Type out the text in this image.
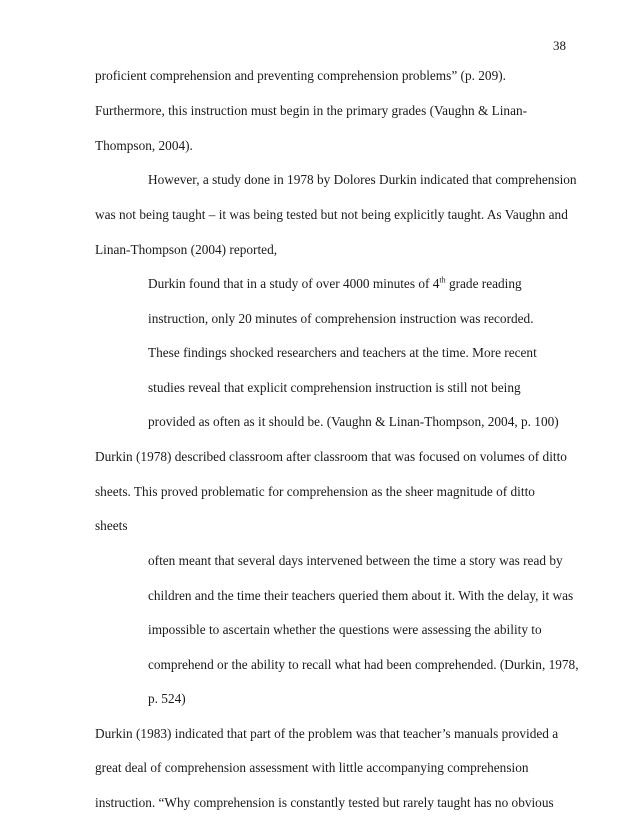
38
proficient comprehension and preventing comprehension problems” (p. 209).
Furthermore, this instruction must begin in the primary grades (Vaughn & Linan-
Thompson, 2004).
However, a study done in 1978 by Dolores Durkin indicated that comprehension
was not being taught – it was being tested but not being explicitly taught. As Vaughn and
Linan-Thompson (2004) reported,
Durkin found that in a study of over 4000 minutes of 4th grade reading
instruction, only 20 minutes of comprehension instruction was recorded.
These findings shocked researchers and teachers at the time. More recent
studies reveal that explicit comprehension instruction is still not being
provided as often as it should be. (Vaughn & Linan-Thompson, 2004, p. 100)
Durkin (1978) described classroom after classroom that was focused on volumes of ditto
sheets. This proved problematic for comprehension as the sheer magnitude of ditto
sheets
often meant that several days intervened between the time a story was read by
children and the time their teachers queried them about it. With the delay, it was
impossible to ascertain whether the questions were assessing the ability to
comprehend or the ability to recall what had been comprehended. (Durkin, 1978,
p. 524)
Durkin (1983) indicated that part of the problem was that teacher’s manuals provided a
great deal of comprehension assessment with little accompanying comprehension
instruction. “Why comprehension is constantly tested but rarely taught has no obvious
